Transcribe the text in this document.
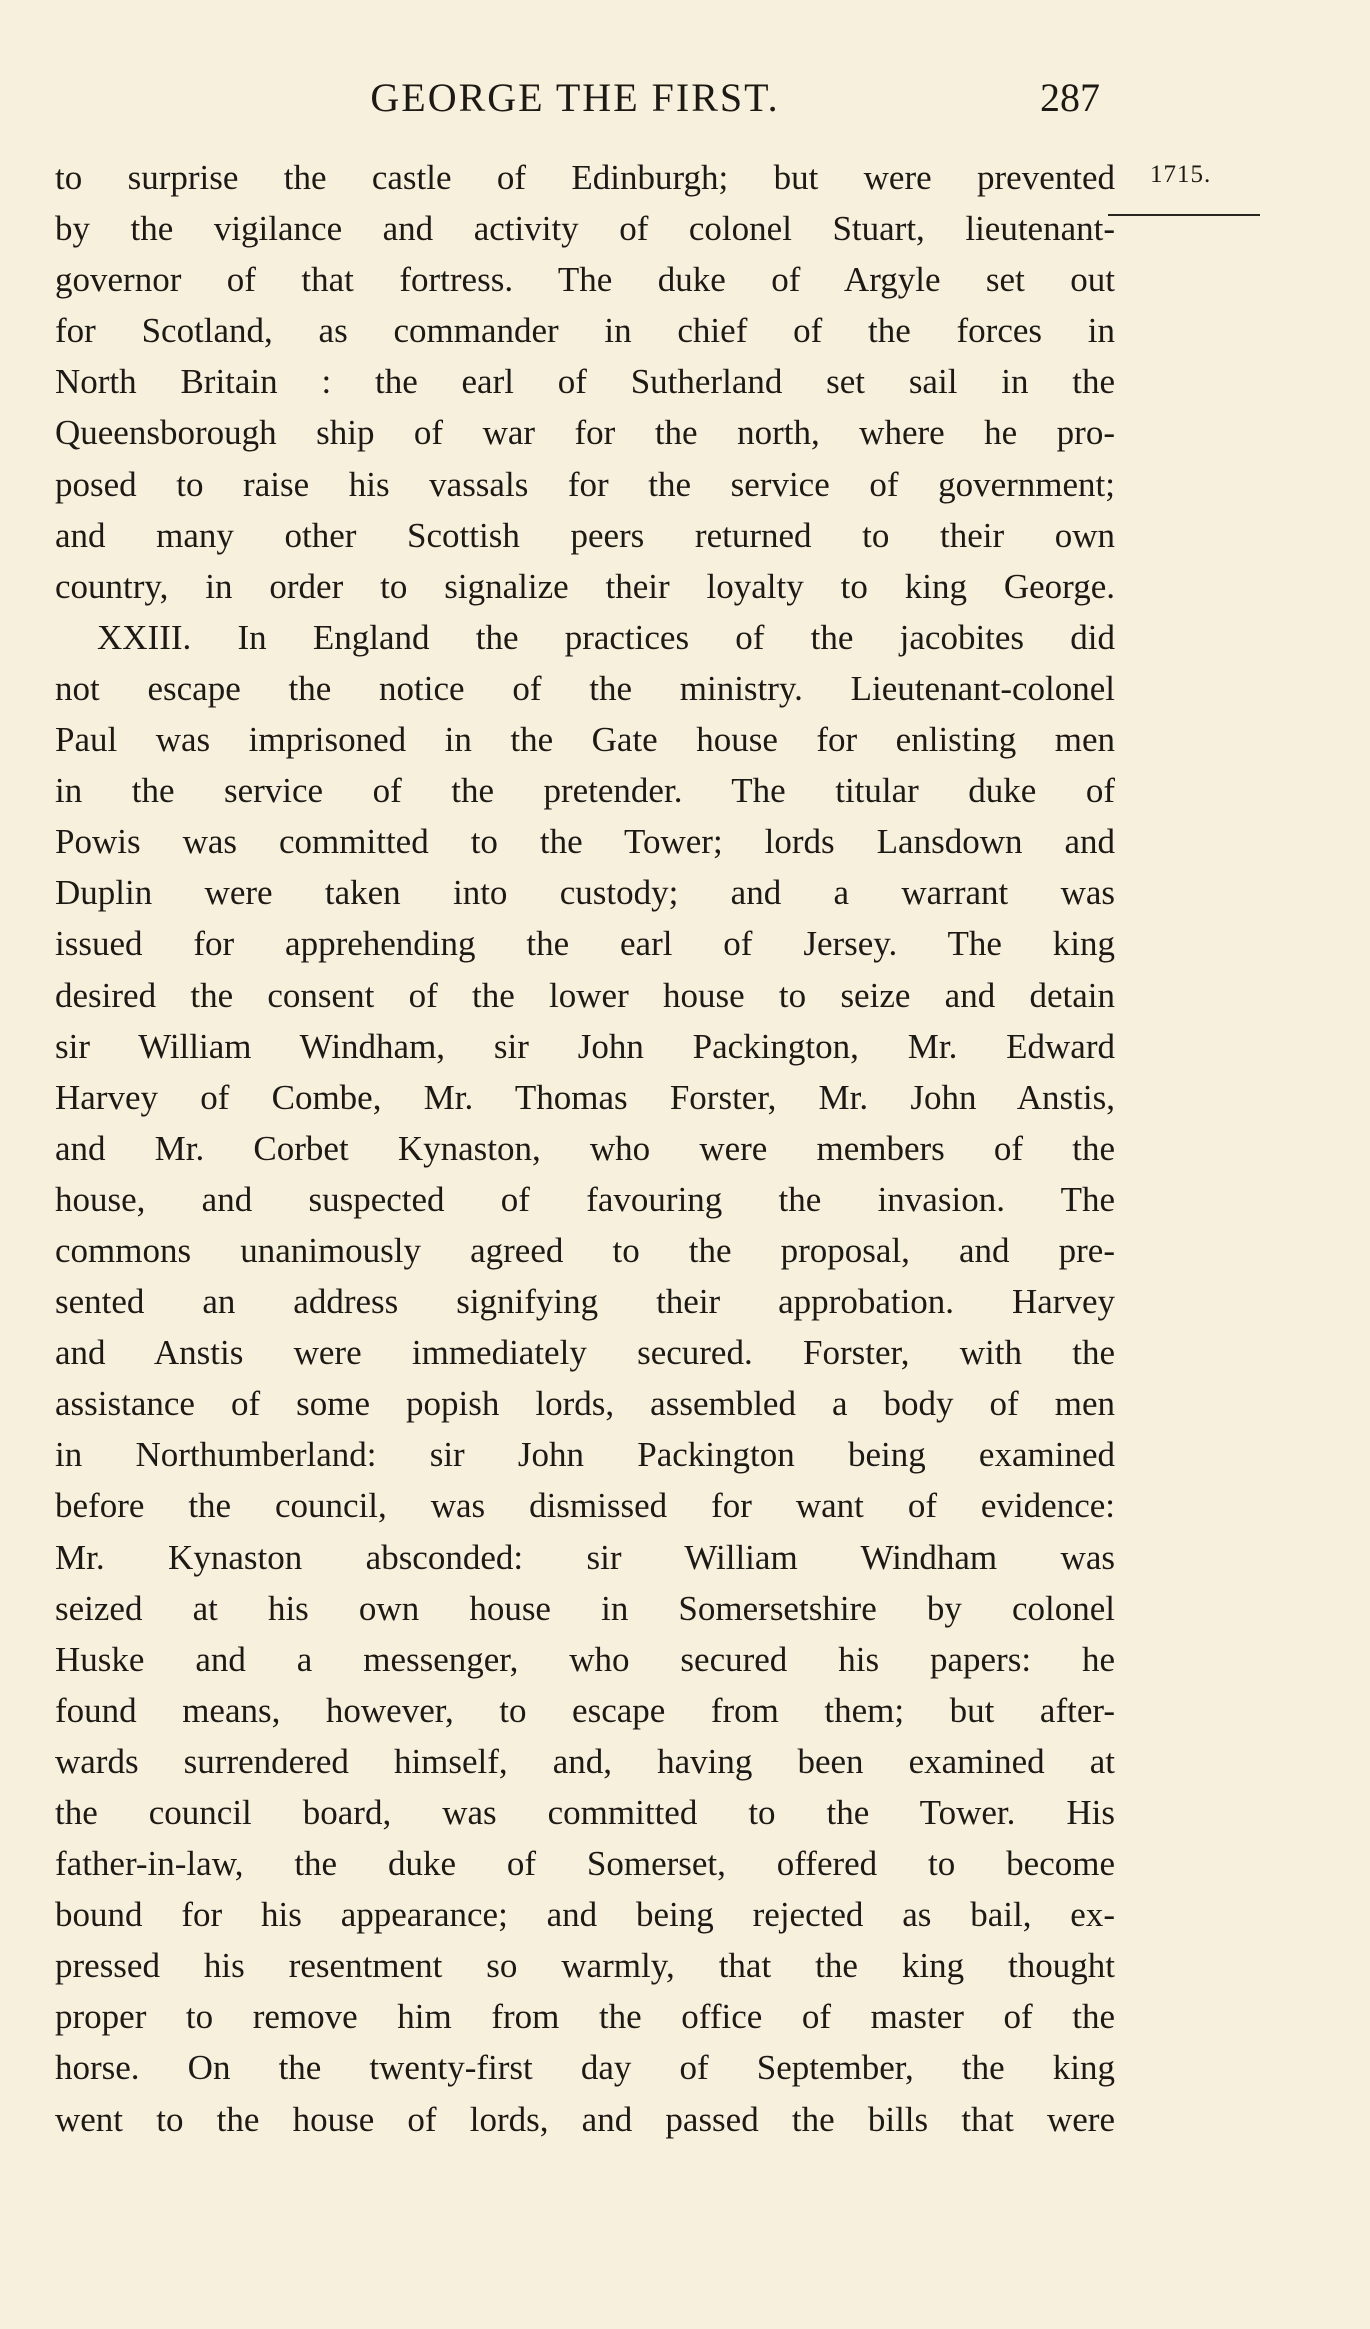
GEORGE THE FIRST.	287
1715.
to surprise the castle of Edinburgh; but were prevented
by the vigilance and activity of colonel Stuart, lieutenant-
governor of that fortress. The duke of Argyle set out
for Scotland, as commander in chief of the forces in
North Britain : the earl of Sutherland set sail in the
Queensborough ship of war for the north, where he pro-
posed to raise his vassals for the service of government;
and many other Scottish peers returned to their own
country, in order to signalize their loyalty to king George.
XXIII. In England the practices of the jacobites did
not escape the notice of the ministry. Lieutenant-colonel
Paul was imprisoned in the Gate house for enlisting men
in the service of the pretender. The titular duke of
Powis was committed to the Tower; lords Lansdown and
Duplin were taken into custody; and a warrant was
issued for apprehending the earl of Jersey. The king
desired the consent of the lower house to seize and detain
sir William Windham, sir John Packington, Mr. Edward
Harvey of Combe, Mr. Thomas Forster, Mr. John Anstis,
and Mr. Corbet Kynaston, who were members of the
house, and suspected of favouring the invasion. The
commons unanimously agreed to the proposal, and pre-
sented an address signifying their approbation. Harvey
and Anstis were immediately secured. Forster, with the
assistance of some popish lords, assembled a body of men
in Northumberland: sir John Packington being examined
before the council, was dismissed for want of evidence:
Mr. Kynaston absconded: sir William Windham was
seized at his own house in Somersetshire by colonel
Huske and a messenger, who secured his papers: he
found means, however, to escape from them; but after-
wards surrendered himself, and, having been examined at
the council board, was committed to the Tower. His
father-in-law, the duke of Somerset, offered to become
bound for his appearance; and being rejected as bail, ex-
pressed his resentment so warmly, that the king thought
proper to remove him from the office of master of the
horse. On the twenty-first day of September, the king
went to the house of lords, and passed the bills that were
